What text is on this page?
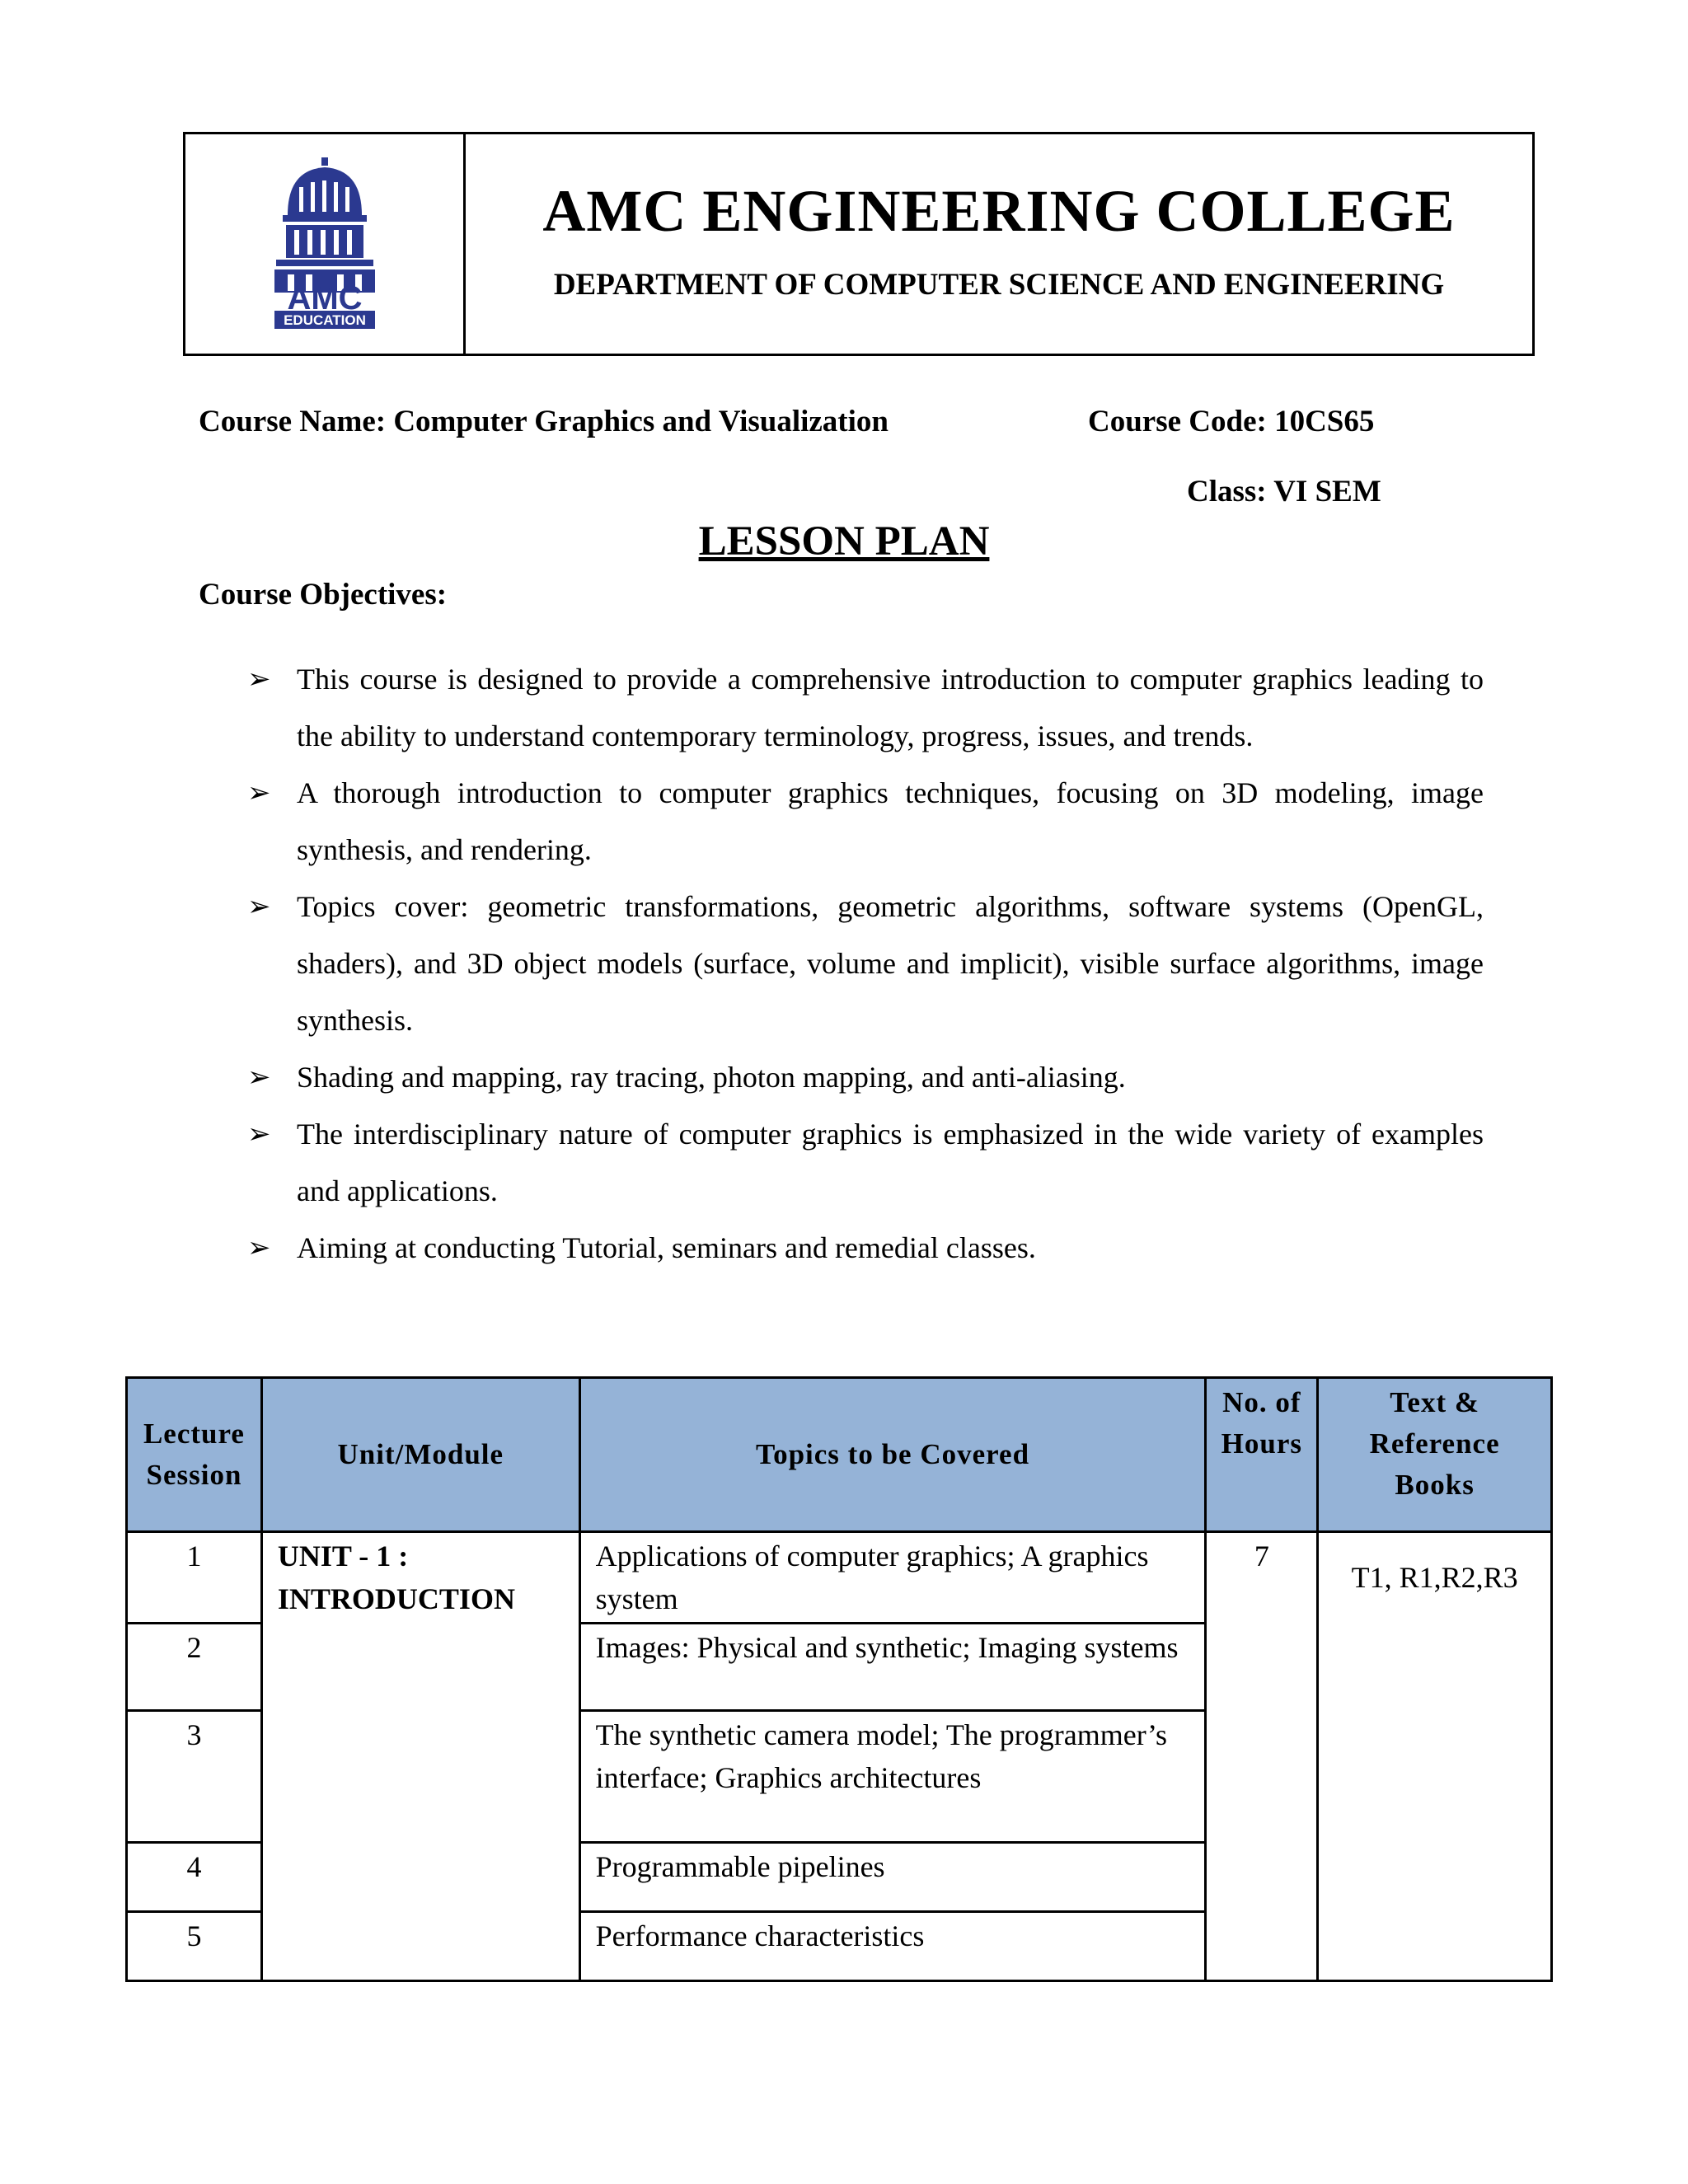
AMC
EDUCATION
AMC ENGINEERING COLLEGE
DEPARTMENT OF COMPUTER SCIENCE AND ENGINEERING
Course Name: Computer Graphics and Visualization	Course Code: 10CS65
Class: VI SEM
LESSON PLAN
Course Objectives:
➢ This course is designed to provide a comprehensive introduction to computer graphics leading to the ability to understand contemporary terminology, progress, issues, and trends.
➢ A thorough introduction to computer graphics techniques, focusing on 3D modeling, image synthesis, and rendering.
➢ Topics cover: geometric transformations, geometric algorithms, software systems (OpenGL, shaders), and 3D object models (surface, volume and implicit), visible surface algorithms, image synthesis.
➢ Shading and mapping, ray tracing, photon mapping, and anti-aliasing.
➢ The interdisciplinary nature of computer graphics is emphasized in the wide variety of examples and applications.
➢ Aiming at conducting Tutorial, seminars and remedial classes.
Lecture Session	Unit/Module	Topics to be Covered	No. of Hours	Text & Reference Books
1	UNIT - 1 :
INTRODUCTION	Applications of computer graphics; A graphics system	7	T1, R1,R2,R3
2		Images: Physical and synthetic; Imaging systems		
3		The synthetic camera model; The programmer’s interface; Graphics architectures		
4		Programmable pipelines		
5		Performance characteristics		
